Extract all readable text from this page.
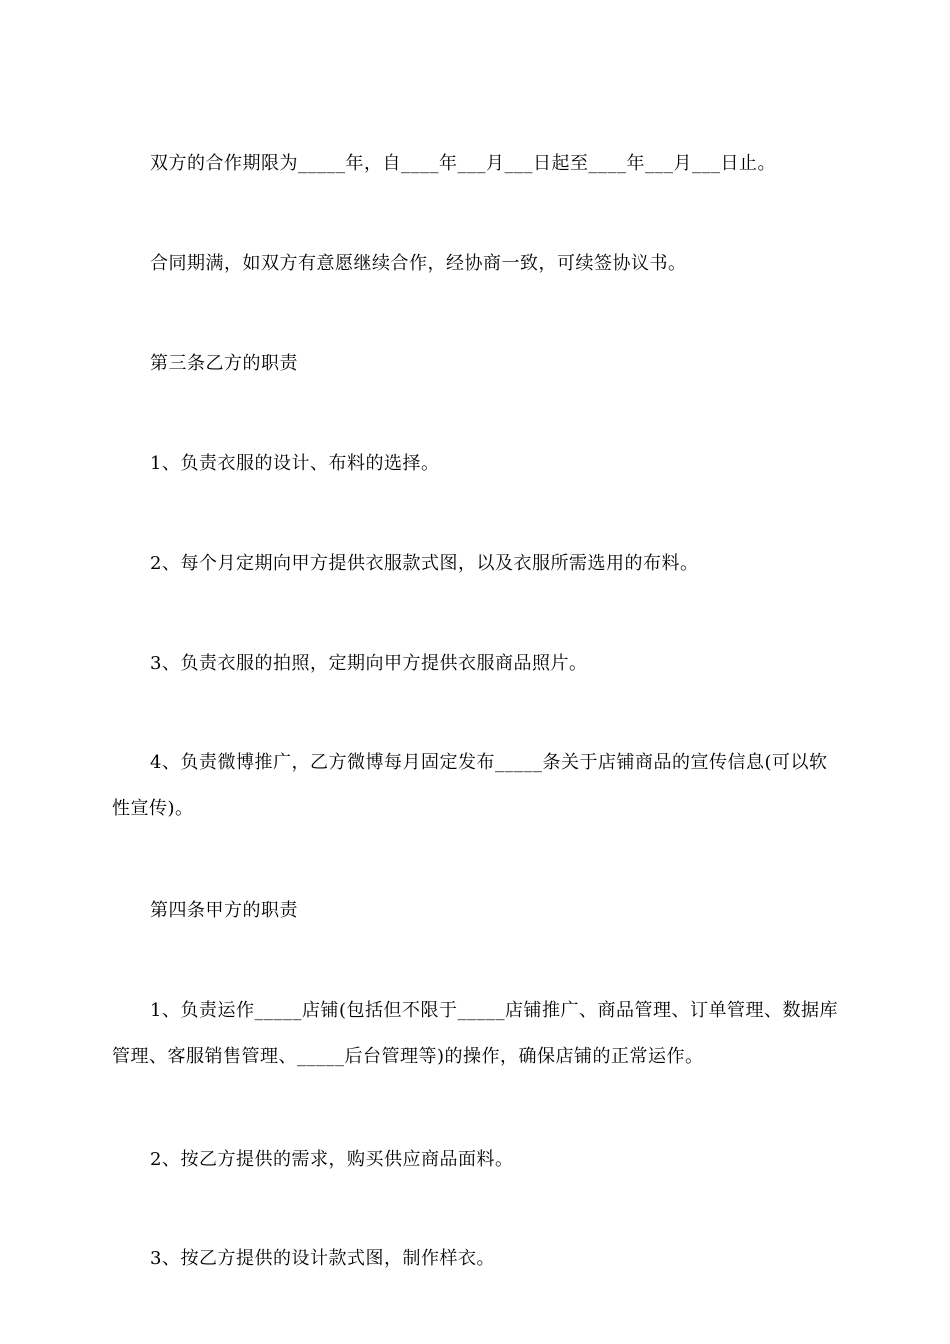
双方的合作期限为_____年，自____年___月___日起至____年___月___日止。

合同期满，如双方有意愿继续合作，经协商一致，可续签协议书。

第三条乙方的职责

1、负责衣服的设计、布料的选择。

2、每个月定期向甲方提供衣服款式图，以及衣服所需选用的布料。

3、负责衣服的拍照，定期向甲方提供衣服商品照片。

4、负责微博推广，乙方微博每月固定发布_____条关于店铺商品的宣传信息(可以软性宣传)。

第四条甲方的职责

1、负责运作_____店铺(包括但不限于_____店铺推广、商品管理、订单管理、数据库管理、客服销售管理、_____后台管理等)的操作，确保店铺的正常运作。

2、按乙方提供的需求，购买供应商品面料。

3、按乙方提供的设计款式图，制作样衣。
